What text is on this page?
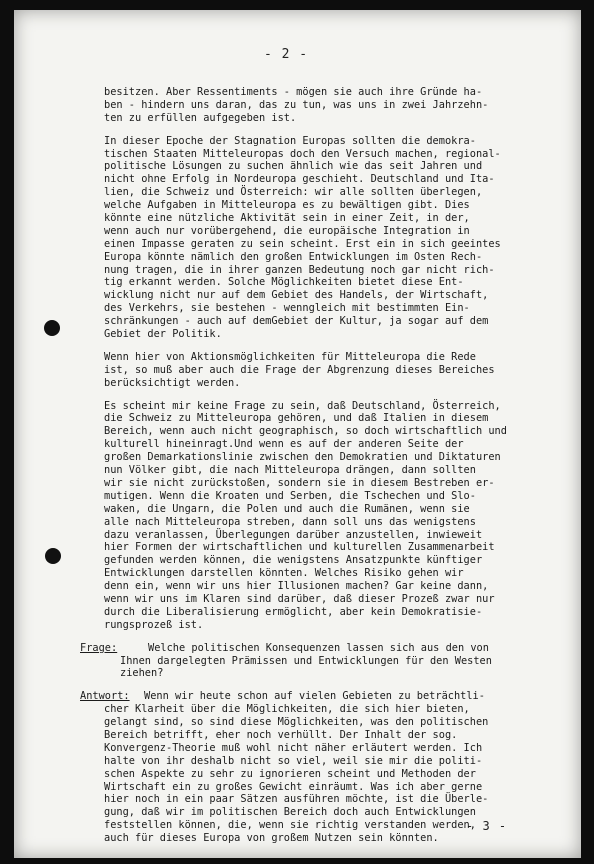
- 2 -
besitzen. Aber Ressentiments - mögen sie auch ihre Gründe ha-
ben - hindern uns daran, das zu tun, was uns in zwei Jahrzehn-
ten zu erfüllen aufgegeben ist.
In dieser Epoche der Stagnation Europas sollten die demokra-
tischen Staaten Mitteleuropas doch den Versuch machen, regional-
politische Lösungen zu suchen ähnlich wie das seit Jahren und
nicht ohne Erfolg in Nordeuropa geschieht. Deutschland und Ita-
lien, die Schweiz und Österreich: wir alle sollten überlegen,
welche Aufgaben in Mitteleuropa es zu bewältigen gibt. Dies
könnte eine nützliche Aktivität sein in einer Zeit, in der,
wenn auch nur vorübergehend, die europäische Integration in
einen Impasse geraten zu sein scheint. Erst ein in sich geeintes
Europa könnte nämlich den großen Entwicklungen im Osten Rech-
nung tragen, die in ihrer ganzen Bedeutung noch gar nicht rich-
tig erkannt werden. Solche Möglichkeiten bietet diese Ent-
wicklung nicht nur auf dem Gebiet des Handels, der Wirtschaft,
des Verkehrs, sie bestehen - wenngleich mit bestimmten Ein-
schränkungen - auch auf demGebiet der Kultur, ja sogar auf dem
Gebiet der Politik.
Wenn hier von Aktionsmöglichkeiten für Mitteleuropa die Rede
ist, so muß aber auch die Frage der Abgrenzung dieses Bereiches
berücksichtigt werden.
Es scheint mir keine Frage zu sein, daß Deutschland, Österreich,
die Schweiz zu Mitteleuropa gehören, und daß Italien in diesem
Bereich, wenn auch nicht geographisch, so doch wirtschaftlich und
kulturell hineinragt.Und wenn es auf der anderen Seite der
großen Demarkationslinie zwischen den Demokratien und Diktaturen
nun Völker gibt, die nach Mitteleuropa drängen, dann sollten
wir sie nicht zurückstoßen, sondern sie in diesem Bestreben er-
mutigen. Wenn die Kroaten und Serben, die Tschechen und Slo-
waken, die Ungarn, die Polen und auch die Rumänen, wenn sie
alle nach Mitteleuropa streben, dann soll uns das wenigstens
dazu veranlassen, Überlegungen darüber anzustellen, inwieweit
hier Formen der wirtschaftlichen und kulturellen Zusammenarbeit
gefunden werden können, die wenigstens Ansatzpunkte künftiger
Entwicklungen darstellen könnten. Welches Risiko gehen wir
denn ein, wenn wir uns hier Illusionen machen? Gar keine dann,
wenn wir uns im Klaren sind darüber, daß dieser Prozeß zwar nur
durch die Liberalisierung ermöglicht, aber kein Demokratisie-
rungsprozeß ist.
Frage:	Welche politischen Konsequenzen lassen sich aus den von
Ihnen dargelegten Prämissen und Entwicklungen für den Westen
ziehen?
Antwort:	Wenn wir heute schon auf vielen Gebieten zu beträchtli-
cher Klarheit über die Möglichkeiten, die sich hier bieten,
gelangt sind, so sind diese Möglichkeiten, was den politischen
Bereich betrifft, eher noch verhüllt. Der Inhalt der sog.
Konvergenz-Theorie muß wohl nicht näher erläutert werden. Ich
halte von ihr deshalb nicht so viel, weil sie mir die politi-
schen Aspekte zu sehr zu ignorieren scheint und Methoden der
Wirtschaft ein zu großes Gewicht einräumt. Was ich aber gerne
hier noch in ein paar Sätzen ausführen möchte, ist die Überle-
gung, daß wir im politischen Bereich doch auch Entwicklungen
feststellen können, die, wenn sie richtig verstanden werden,
auch für dieses Europa von großem Nutzen sein könnten.
- 3 -
